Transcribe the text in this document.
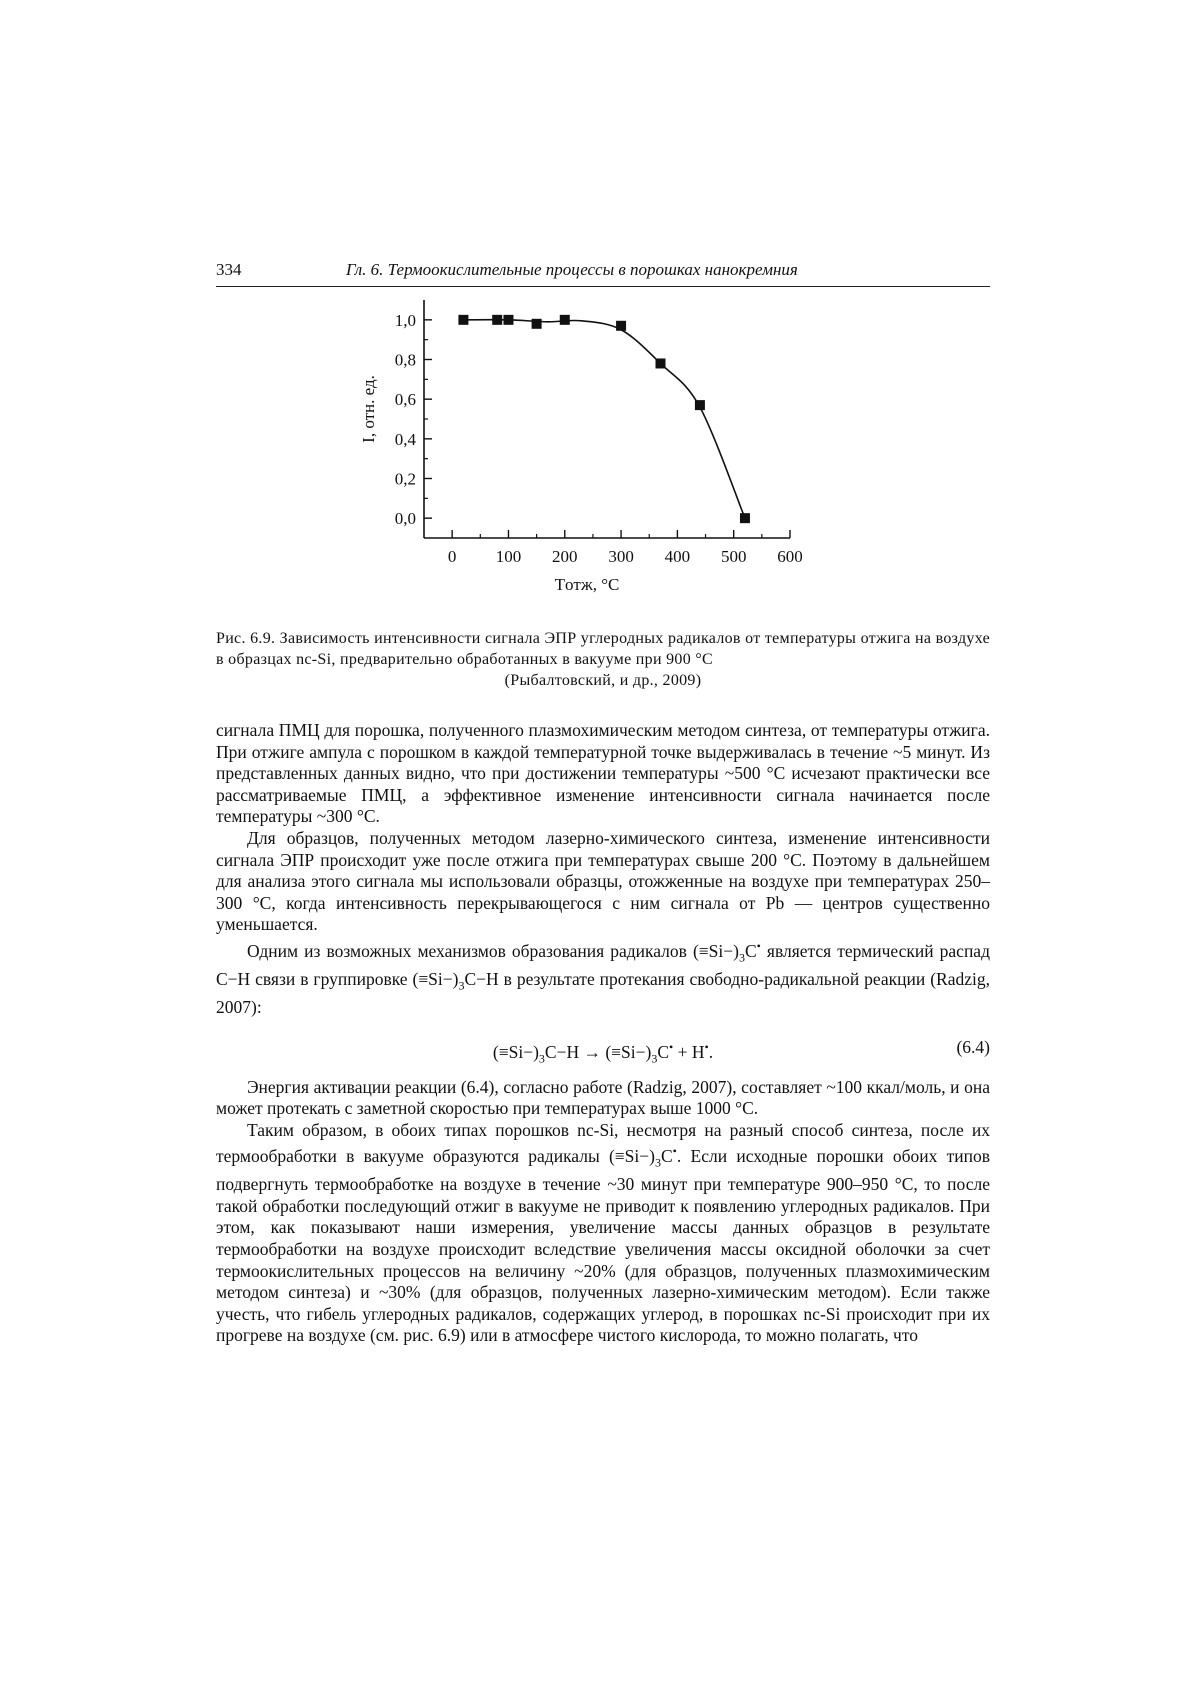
334	Гл. 6. Термоокислительные процессы в порошках нанокремния
0,0
0,2
0,4
0,6
0,8
1,0
0 100 200 300 400 500 600
Tотж, °C
I, отн. ед.
Рис. 6.9. Зависимость интенсивности сигнала ЭПР углеродных радикалов от температуры отжига на воздухе в образцах nc-Si, предварительно обработанных в вакууме при 900 °C
(Рыбалтовский, и др., 2009)

сигнала ПМЦ для порошка, полученного плазмохимическим методом синтеза, от температуры отжига. При отжиге ампула с порошком в каждой температурной точке выдерживалась в течение ~5 минут. Из представленных данных видно, что при достижении температуры ~500 °C исчезают практически все рассматриваемые ПМЦ, а эффективное изменение интенсивности сигнала начинается после температуры ~300 °C.

Для образцов, полученных методом лазерно-химического синтеза, изменение интенсивности сигнала ЭПР происходит уже после отжига при температурах свыше 200 °C. Поэтому в дальнейшем для анализа этого сигнала мы использовали образцы, отожженные на воздухе при температурах 250–300 °C, когда интенсивность перекрывающегося с ним сигнала от Pb — центров существенно уменьшается.

Одним из возможных механизмов образования радикалов $(\equiv Si-)_3C^•$ является термический распад C−H связи в группировке $(\equiv Si-)_3C-H$ в результате протекания свободно-радикальной реакции (Radzig, 2007):

$(\equiv Si-)_3C-H \to (\equiv Si-)_3C^• + H^•$.	(6.4)

Энергия активации реакции (6.4), согласно работе (Radzig, 2007), составляет ~100 ккал/моль, и она может протекать с заметной скоростью при температурах выше 1000 °C.

Таким образом, в обоих типах порошков nc-Si, несмотря на разный способ синтеза, после их термообработки в вакууме образуются радикалы $(\equiv Si-)_3C^•$. Если исходные порошки обоих типов подвергнуть термообработке на воздухе в течение ~30 минут при температуре 900–950 °C, то после такой обработки последующий отжиг в вакууме не приводит к появлению углеродных радикалов. При этом, как показывают наши измерения, увеличение массы данных образцов в результате термообработки на воздухе происходит вследствие увеличения массы оксидной оболочки за счет термоокислительных процессов на величину ~20% (для образцов, полученных плазмохимическим методом синтеза) и ~30% (для образцов, полученных лазерно-химическим методом). Если также учесть, что гибель углеродных радикалов, содержащих углерод, в порошках nc-Si происходит при их прогреве на воздухе (см. рис. 6.9) или в атмосфере чистого кислорода, то можно полагать, что
